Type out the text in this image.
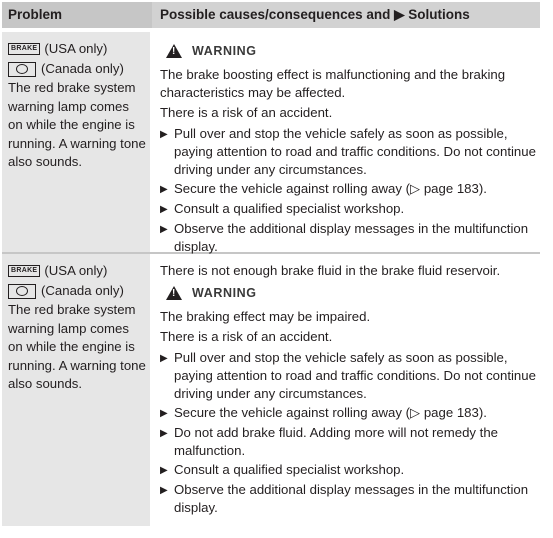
Problem	Possible causes/consequences and ▶ Solutions
BRAKE (USA only)
(Canada only)
The red brake system warning lamp comes on while the engine is running. A warning tone also sounds.
!
WARNING
The brake boosting effect is malfunctioning and the braking characteristics may be affected.
There is a risk of an accident.
▶ Pull over and stop the vehicle safely as soon as possible, paying attention to road and traffic conditions. Do not continue driving under any circumstances.
▶ Secure the vehicle against rolling away (▷ page 183).
▶ Consult a qualified specialist workshop.
▶ Observe the additional display messages in the multifunction display.
BRAKE (USA only)
(Canada only)
The red brake system warning lamp comes on while the engine is running. A warning tone also sounds.
There is not enough brake fluid in the brake fluid reservoir.
!
WARNING
The braking effect may be impaired.
There is a risk of an accident.
▶ Pull over and stop the vehicle safely as soon as possible, paying attention to road and traffic conditions. Do not continue driving under any circumstances.
▶ Secure the vehicle against rolling away (▷ page 183).
▶ Do not add brake fluid. Adding more will not remedy the malfunction.
▶ Consult a qualified specialist workshop.
▶ Observe the additional display messages in the multifunction display.
